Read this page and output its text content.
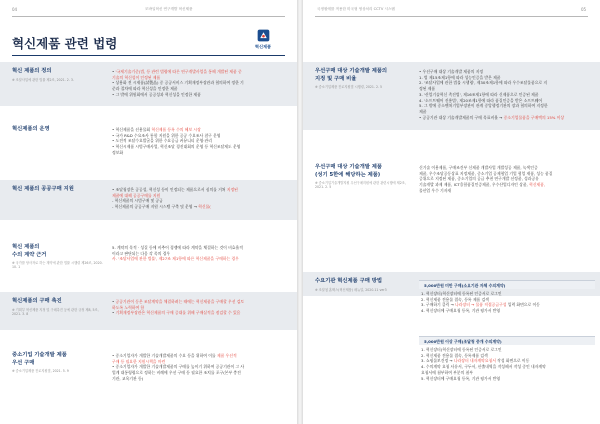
04	모바일혁신 연구개발 혁신제품
혁신제품 관련 법령	혁신제품
혁신 제품의 정의
※ 조달사업에 관한 법률 제2조, 2021. 2. 3.
• '국제기술기준(법, 등 관련 법령에 따른 연구개발사업을 통해 개발된 제품 중
기술의 혁신성이 인정된 제품
• 상용화 전 시제품(試製品) 중 공공서비스 기획재정부장관과 협의하여 정한 기
준과 절차에 따라 혁신성을 인정한 제품
• 그 밖에 위원회에서 공공성과 혁신성을 인정한 제품
혁신제품의 운영	• 혁신제품을 선용물회 혁신제품 등록 수의 혜보 시장
• 국가 R&D 수요조사 통합 지원을 위한 공공 수요조사 참구 운영
• 도전적 조달수요발굴을 위한 수요공급 커뮤니티 운영·관리
• 혁신시제품 시범구매사업, 혁신조달 경진대회의 운영 등 혁신조달제도 운영
정보화
혁신 제품의 공공구매 지원	• 조달청장은 공공성, 혁신성 등이 인정되는 제품으로서 심의를 거쳐 지정된
제품에 대해 공공구매를 지원
- 혁신제품의 시범구매 및 공급
- 혁신제품의 공공구매 지원 시스템 구축 및 운영 → 혁신몰(
혁신 제품의
수의 계약 근거
※ 국가를 당사자로 하는 계약에 관한 법률 시행령 제26조, 2020. 10. 1
5. 계약의 목적 · 성질 등에 비추어 경쟁에 따라 계약을 체결하는 것이 비효율적
이라고 판단되는 다음 각 목의 경우
사. '조달사업에 관한 법률', 제27조 제1항에 따른 혁신제품을 구매하는 경우
혁신제품의 구매 촉진
※ 기획부 혁신제품 지정 및 구매촉진 등에 관한 규정 제8, 5조, 2021. 3. 8
• 공공기관이 동은 조달계약을 체결하려는 때에는 혁신제품을 구매할 우선 검토
하도록 노력하여 함
• 기획재정부장관은 혁신제품의 구매 증대를 위해 구매실적을 점검할 수 있음
중소기업 기술개발 제품
우선 구매
※ 중소기업제품 진로지원법, 2021. 5. 9
• 중소기업자가 개발한 기술개발제품의 수요 등을 위하여 이를 제품 우선적
구매 등 필요한 지원시책을 마련
• 중소기업자가 개발한 기술개발제품의 구매를 높이기 위하여 공공기관이 그 사
업계 대통령령으로 정하는 비례에 우선 구매 등 필요한 조치를 포구(본부 충전
기관, 교육기관 등)
국정원에를 적용한 미국형 영상처리 CCTV 시스템	05
수요기관 혁신제품 구매 방법
※ 조달청 홈택스(혁신제품) 매뉴얼, 2020.11 ver3
우선구매 대상 기술개발 제품의
지정 및 구매 비율
※ 중소기업제품 진로지원법 시행령, 2021. 2. 5
• 우선구매 대상 기술개발 제품의 지정
1. 법 제15조제1항에 따라 성능인증을 받은 제품
2. '조달사업에 관한 법률 시행령', 제30조제1항에 따라 우수조달물품으로 지
정된 제품
3. '산업기술혁신 촉진법', 제16조제1항에 따라 신제품으로 인증된 제품
4. '소프트웨어 진흥법', 제20조제1항에 따라 품질인증을 받은 소프트웨어
5. 그 밖에 중소벤처기업부장관이 관계 중앙행정기관의 장과 협의하여 지정한
제품
• 공공기관 대상 기술개발제품의 구매 목표비율 → 중소기업물품을 구매액의 15% 이상
우선구매 대상 기술개발 제품
(성기 5한에 해당하는 제품)
※ 중소기업기술개발지원 우선구매지원에 관한 관련시행에 제2조, 2021. 2. 5
신기술 이용제품, 구매조건부 신제품 개발사업 개발성공 제품, 녹색인증
제품, 우수조달공동상표 지정제품, 중소기업 공제협업 기업 협업 제품, 성능 품질
증위으로 지정된 제품, 중소기업의 공급 추천 연구개발 선정품, 성과공유
기술개발 과제 제품, ICT융합품질인증제품, 우수산업디자인 상품, 혁신제품,
물산업 우수 기자재
5,000만원 미만 구매(소요기관 자체 수의계약)
1. 혁신장터(혁신장터에 등록된 인증서로 로그인
2. 혁신제품 전용몰 접속, 등록 제품 검색
3. 구매하기 클릭 → 나라장터 → 물품 직접공급구성 입력 화면으로 이동
4. 혁신장터에 구매요청 등록, 기관 평가서 반영
5,000만원 이상 구매(조달청 중개 수의계약)
1. 혁신장터(혁신장터에 등록된 인증서로 로그인
2. 혁신제품 전용몰 접속, 등록제품 검색
3. 쇼핑몰보건정 → 나라장터 내자계약요청서 작성 화면으로 이동
4. 수의계약 요청 사유서, 구두서, 산출내역을 작성해서 작성 중인 내자계약
요청서에 첨부하여 부분의 첨부
5. 혁신장터에 구매요청 등록, 기관 평가서 반영
